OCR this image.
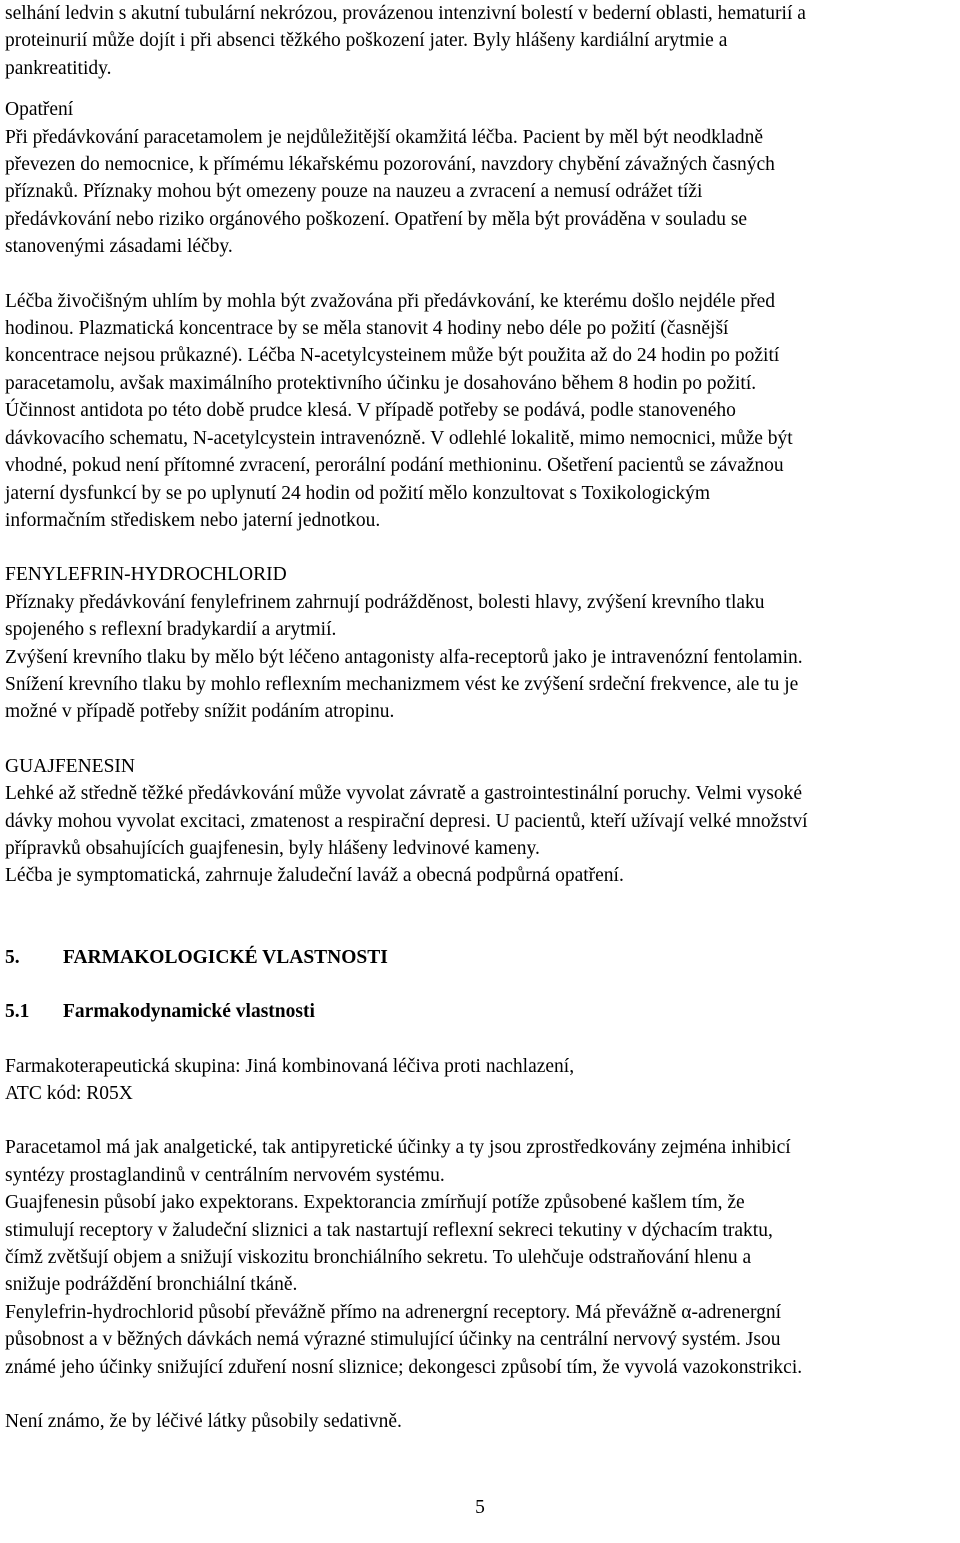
selhání ledvin s akutní tubulární nekrózou, provázenou intenzivní bolestí v bederní oblasti, hematurií a
proteinurií může dojít i při absenci těžkého poškození jater. Byly hlášeny kardiální arytmie a
pankreatitidy.
Opatření
Při předávkování paracetamolem je nejdůležitější okamžitá léčba. Pacient by měl být neodkladně
převezen do nemocnice, k přímému lékařskému pozorování, navzdory chybění závažných časných
příznaků. Příznaky mohou být omezeny pouze na nauzeu a zvracení a nemusí odrážet tíži
předávkování nebo riziko orgánového poškození. Opatření by měla být prováděna v souladu se
stanovenými zásadami léčby.
Léčba živočišným uhlím by mohla být zvažována při předávkování, ke kterému došlo nejdéle před
hodinou. Plazmatická koncentrace by se měla stanovit 4 hodiny nebo déle po požití (časnější
koncentrace nejsou průkazné). Léčba N-acetylcysteinem může být použita až do 24 hodin po požití
paracetamolu, avšak maximálního protektivního účinku je dosahováno během 8 hodin po požití.
Účinnost antidota po této době prudce klesá. V případě potřeby se podává, podle stanoveného
dávkovacího schematu, N-acetylcystein intravenózně. V odlehlé lokalitě, mimo nemocnici, může být
vhodné, pokud není přítomné zvracení, perorální podání methioninu. Ošetření pacientů se závažnou
jaterní dysfunkcí by se po uplynutí 24 hodin od požití mělo konzultovat s Toxikologickým
informačním střediskem nebo jaterní jednotkou.
FENYLEFRIN-HYDROCHLORID
Příznaky předávkování fenylefrinem zahrnují podrážděnost, bolesti hlavy, zvýšení krevního tlaku
spojeného s reflexní bradykardií a arytmií.
Zvýšení krevního tlaku by mělo být léčeno antagonisty alfa-receptorů jako je intravenózní fentolamin.
Snížení krevního tlaku by mohlo reflexním mechanizmem vést ke zvýšení srdeční frekvence, ale tu je
možné v případě potřeby snížit podáním atropinu.
GUAJFENESIN
Lehké až středně těžké předávkování může vyvolat závratě a gastrointestinální poruchy. Velmi vysoké
dávky mohou vyvolat excitaci, zmatenost a respirační depresi. U pacientů, kteří užívají velké množství
přípravků obsahujících guajfenesin, byly hlášeny ledvinové kameny.
Léčba je symptomatická, zahrnuje žaludeční laváž a obecná podpůrná opatření.
5. FARMAKOLOGICKÉ VLASTNOSTI
5.1 Farmakodynamické vlastnosti
Farmakoterapeutická skupina: Jiná kombinovaná léčiva proti nachlazení,
ATC kód: R05X
Paracetamol má jak analgetické, tak antipyretické účinky a ty jsou zprostředkovány zejména inhibicí
syntézy prostaglandinů v centrálním nervovém systému.
Guajfenesin působí jako expektorans. Expektorancia zmírňují potíže způsobené kašlem tím, že
stimulují receptory v žaludeční sliznici a tak nastartují reflexní sekreci tekutiny v dýchacím traktu,
čímž zvětšují objem a snižují viskozitu bronchiálního sekretu. To ulehčuje odstraňování hlenu a
snižuje podráždění bronchiální tkáně.
Fenylefrin-hydrochlorid působí převážně přímo na adrenergní receptory. Má převážně α-adrenergní
působnost a v běžných dávkách nemá výrazné stimulující účinky na centrální nervový systém. Jsou
známé jeho účinky snižující zduření nosní sliznice; dekongesci způsobí tím, že vyvolá vazokonstrikci.
Není známo, že by léčivé látky působily sedativně.
5
